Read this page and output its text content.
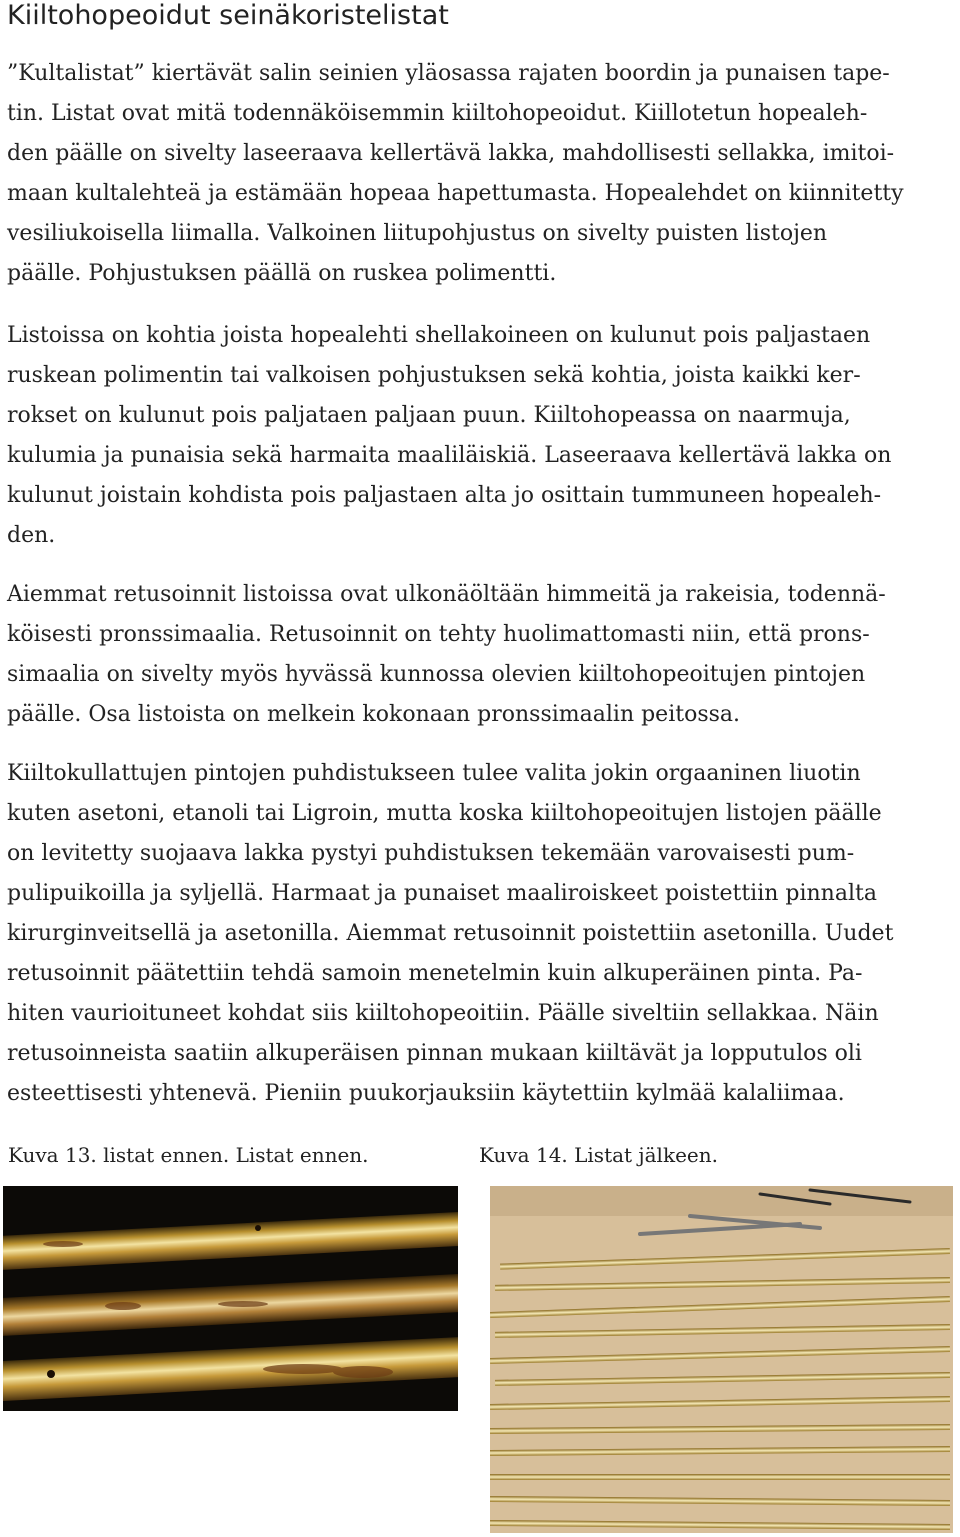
Kiiltohopeoidut seinäkoristelistat
”Kultalistat” kiertävät salin seinien yläosassa rajaten boordin ja punaisen tape-
tin. Listat ovat mitä todennäköisemmin kiiltohopeoidut. Kiillotetun hopealeh-
den päälle on sivelty laseeraava kellertävä lakka, mahdollisesti sellakka, imitoi-
maan kultalehteä ja estämään hopeaa hapettumasta. Hopealehdet on kiinnitetty
vesiliukoisella liimalla. Valkoinen liitupohjustus on sivelty puisten listojen
päälle. Pohjustuksen päällä on ruskea polimentti.
Listoissa on kohtia joista hopealehti shellakoineen on kulunut pois paljastaen
ruskean polimentin tai valkoisen pohjustuksen sekä kohtia, joista kaikki ker-
rokset on kulunut pois paljataen paljaan puun. Kiiltohopeassa on naarmuja,
kulumia ja punaisia sekä harmaita maaliläiskiä. Laseeraava kellertävä lakka on
kulunut joistain kohdista pois paljastaen alta jo osittain tummuneen hopealeh-
den.
Aiemmat retusoinnit listoissa ovat ulkonäöltään himmeitä ja rakeisia, todennä-
köisesti pronssimaalia. Retusoinnit on tehty huolimattomasti niin, että prons-
simaalia on sivelty myös hyvässä kunnossa olevien kiiltohopeoitujen pintojen
päälle. Osa listoista on melkein kokonaan pronssimaalin peitossa.
Kiiltokullattujen pintojen puhdistukseen tulee valita jokin orgaaninen liuotin
kuten asetoni, etanoli tai Ligroin, mutta koska kiiltohopeoitujen listojen päälle
on levitetty suojaava lakka pystyi puhdistuksen tekemään varovaisesti pum-
pulipuikoilla ja syljellä. Harmaat ja punaiset maaliroiskeet poistettiin pinnalta
kirurginveitsellä ja asetonilla. Aiemmat retusoinnit poistettiin asetonilla. Uudet
retusoinnit päätettiin tehdä samoin menetelmin kuin alkuperäinen pinta. Pa-
hiten vaurioituneet kohdat siis kiiltohopeoitiin. Päälle siveltiin sellakkaa. Näin
retusoinneista saatiin alkuperäisen pinnan mukaan kiiltävät ja lopputulos oli
esteettisesti yhtenevä. Pieniin puukorjauksiin käytettiin kylmää kalaliimaa.
Kuva 13. listat ennen. Listat ennen.	Kuva 14. Listat jälkeen.
